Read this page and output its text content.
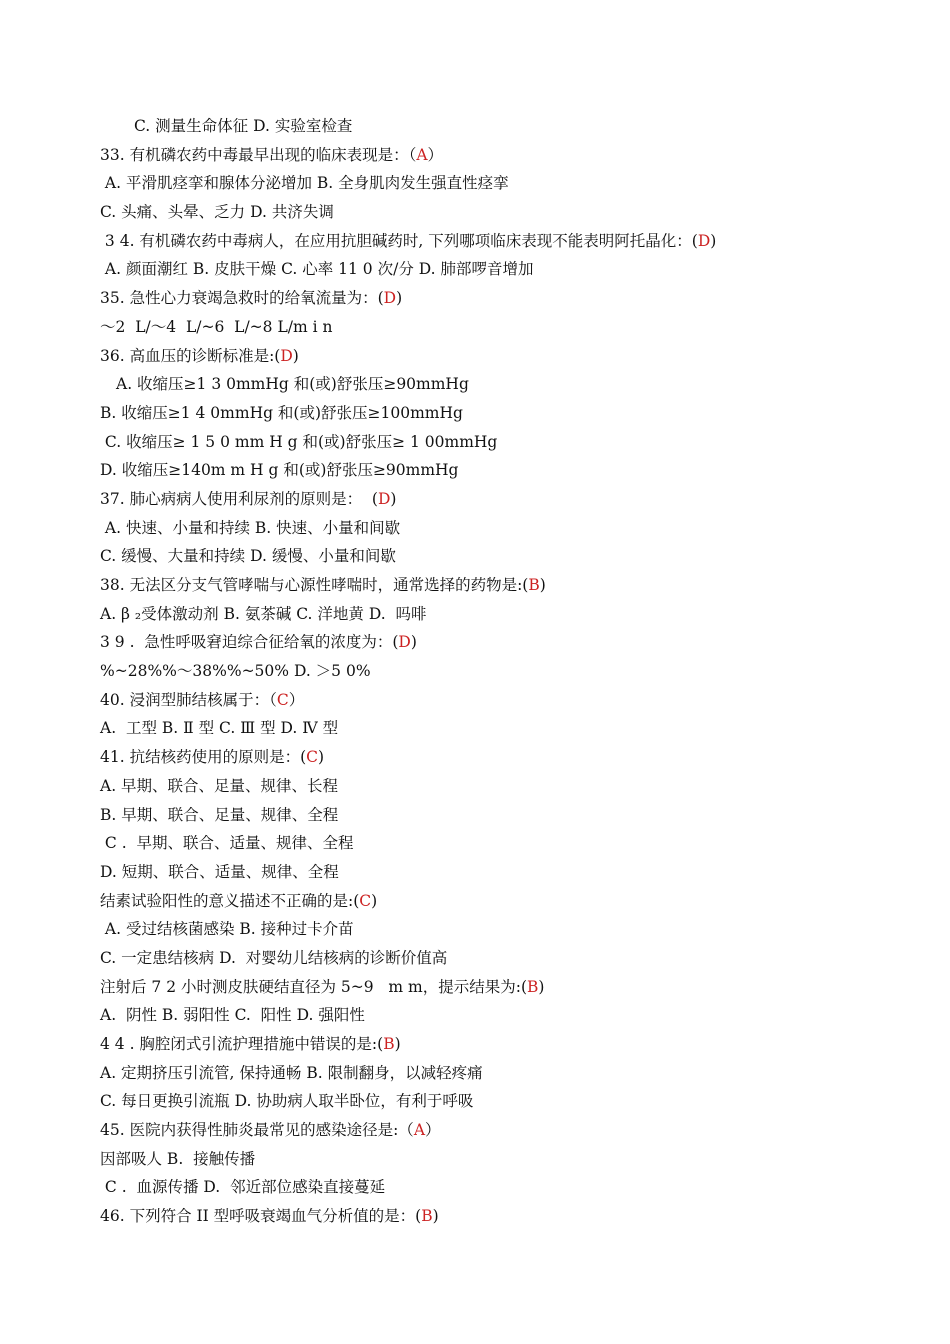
C. 测量生命体征 D. 实验室检查
33. 有机磷农药中毒最早出现的临床表现是：（A）
A. 平滑肌痉挛和腺体分泌增加 B. 全身肌肉发生强直性痉挛
C. 头痛、头晕、乏力 D. 共济失调
3 4. 有机磷农药中毒病人，在应用抗胆碱药时, 下列哪项临床表现不能表明阿托晶化：(D)
A. 颜面潮红 B. 皮肤干燥 C. 心率 11 0 次/分 D. 肺部啰音增加
35. 急性心力衰竭急救时的给氧流量为：(D)
～2  L/～4  L/~6  L/~8 L/m i n
36. 高血压的诊断标准是:(D)
A. 收缩压≥1 3 0mmHg 和(或)舒张压≥90mmHg
B. 收缩压≥1 4 0mmHg 和(或)舒张压≥100mmHg
C. 收缩压≥ 1 5 0 mm H g 和(或)舒张压≥ 1 00mmHg
D. 收缩压≥140m m H g 和(或)舒张压≥90mmHg
37. 肺心病病人使用利尿剂的原则是：  (D)
A. 快速、小量和持续 B. 快速、小量和间歇
C. 缓慢、大量和持续 D. 缓慢、小量和间歇
38. 无法区分支气管哮喘与心源性哮喘时，通常选择的药物是:(B)
A. β ₂受体激动剂 B. 氨茶碱 C. 洋地黄 D.  吗啡
3 9 .  急性呼吸窘迫综合征给氧的浓度为：(D)
%~28%%～38%%~50% D. ＞5 0%
40. 浸润型肺结核属于：（C）
A.  工型 B. Ⅱ 型 C. Ⅲ 型 D. Ⅳ 型
41. 抗结核药使用的原则是：(C)
A. 早期、联合、足量、规律、长程
B. 早期、联合、足量、规律、全程
C .  早期、联合、适量、规律、全程
D. 短期、联合、适量、规律、全程
结素试验阳性的意义描述不正确的是:(C)
A. 受过结核菌感染 B. 接种过卡介苗
C. 一定患结核病 D.  对婴幼儿结核病的诊断价值高
注射后 7 2 小时测皮肤硬结直径为 5~9   m m，提示结果为:(B)
A.  阴性 B. 弱阳性 C.  阳性 D. 强阳性
4 4 . 胸腔闭式引流护理措施中错误的是:(B)
A. 定期挤压引流管, 保持通畅 B. 限制翻身，以减轻疼痛
C. 每日更换引流瓶 D. 协助病人取半卧位，有利于呼吸
45. 医院内获得性肺炎最常见的感染途径是:（A）
因部吸人 B.  接触传播
C .  血源传播 D.  邻近部位感染直接蔓延
46. 下列符合 II 型呼吸衰竭血气分析值的是：(B)
